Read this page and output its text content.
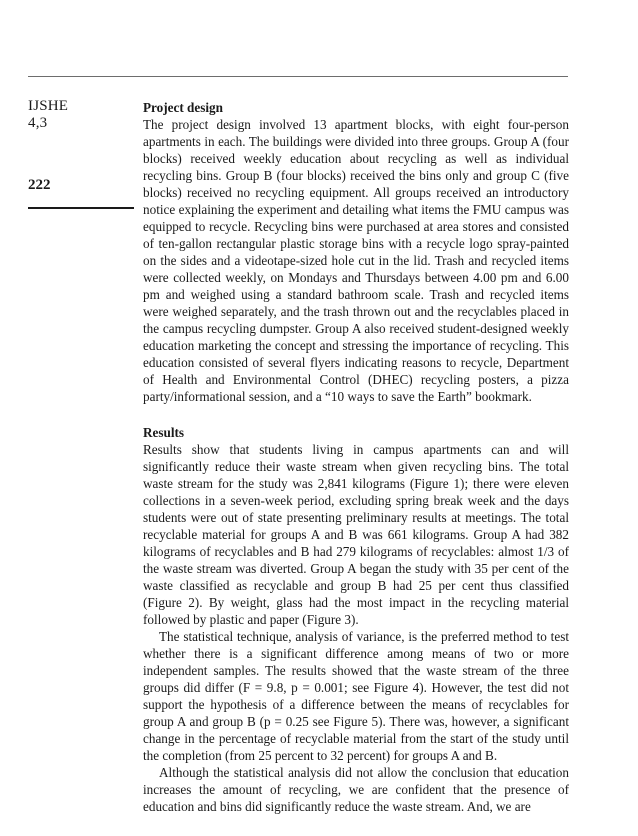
IJSHE
4,3
222
Project design

The project design involved 13 apartment blocks, with eight four-person apartments in each. The buildings were divided into three groups. Group A (four blocks) received weekly education about recycling as well as individual recycling bins. Group B (four blocks) received the bins only and group C (five blocks) received no recycling equipment. All groups received an introductory notice explaining the experiment and detailing what items the FMU campus was equipped to recycle. Recycling bins were purchased at area stores and consisted of ten-gallon rectangular plastic storage bins with a recycle logo spray-painted on the sides and a videotape-sized hole cut in the lid. Trash and recycled items were collected weekly, on Mondays and Thursdays between 4.00 pm and 6.00 pm and weighed using a standard bathroom scale. Trash and recycled items were weighed separately, and the trash thrown out and the recyclables placed in the campus recycling dumpster. Group A also received student-designed weekly education marketing the concept and stressing the importance of recycling. This education consisted of several flyers indicating reasons to recycle, Department of Health and Environmental Control (DHEC) recycling posters, a pizza party/informational session, and a “10 ways to save the Earth” bookmark.

Results

Results show that students living in campus apartments can and will significantly reduce their waste stream when given recycling bins. The total waste stream for the study was 2,841 kilograms (Figure 1); there were eleven collections in a seven-week period, excluding spring break week and the days students were out of state presenting preliminary results at meetings. The total recyclable material for groups A and B was 661 kilograms. Group A had 382 kilograms of recyclables and B had 279 kilograms of recyclables: almost 1/3 of the waste stream was diverted. Group A began the study with 35 per cent of the waste classified as recyclable and group B had 25 per cent thus classified (Figure 2). By weight, glass had the most impact in the recycling material followed by plastic and paper (Figure 3).

The statistical technique, analysis of variance, is the preferred method to test whether there is a significant difference among means of two or more independent samples. The results showed that the waste stream of the three groups did differ (F = 9.8, p = 0.001; see Figure 4). However, the test did not support the hypothesis of a difference between the means of recyclables for group A and group B (p = 0.25 see Figure 5). There was, however, a significant change in the percentage of recyclable material from the start of the study until the completion (from 25 percent to 32 percent) for groups A and B.

Although the statistical analysis did not allow the conclusion that education increases the amount of recycling, we are confident that the presence of education and bins did significantly reduce the waste stream. And, we are
